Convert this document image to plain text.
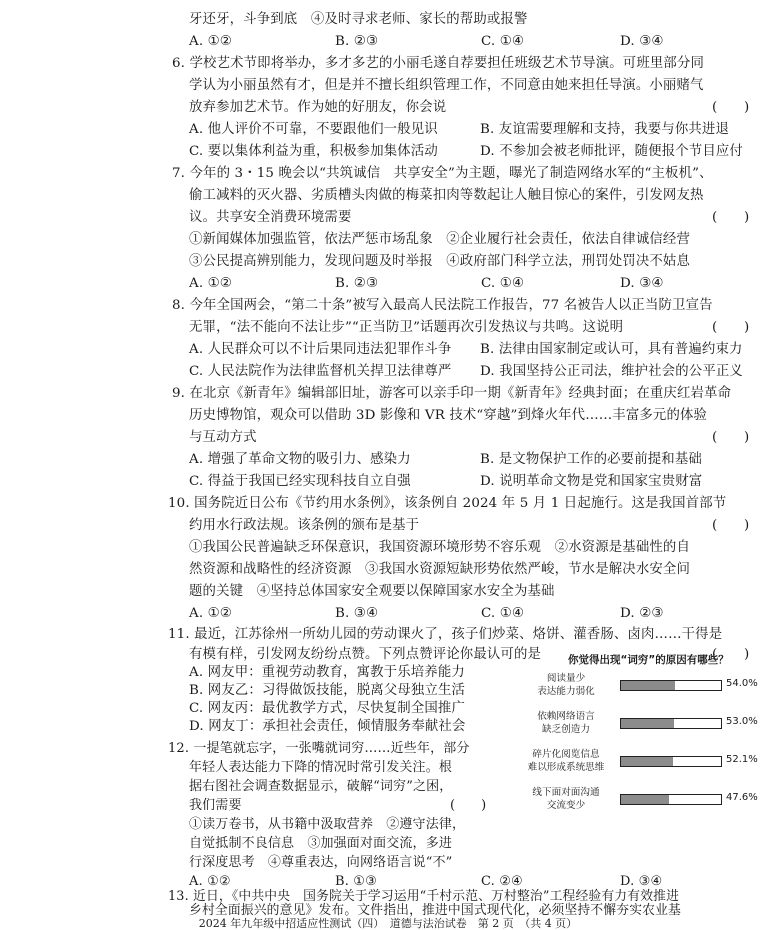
牙还牙，斗争到底　④及时寻求老师、家长的帮助或报警
A. ①②	B. ②③	C. ①④	D. ③④
6. 学校艺术节即将举办，多才多艺的小丽毛遂自荐要担任班级艺术节导演。可班里部分同
学认为小丽虽然有才，但是并不擅长组织管理工作，不同意由她来担任导演。小丽赌气
放弃参加艺术节。作为她的好朋友，你会说	(　　)
A. 他人评价不可靠，不要跟他们一般见识	B. 友谊需要理解和支持，我要与你共进退
C. 要以集体利益为重，积极参加集体活动	D. 不参加会被老师批评，随便报个节目应付
7. 今年的 3・15 晚会以“共筑诚信　共享安全”为主题，曝光了制造网络水军的“主板机”、
偷工减料的灭火器、劣质槽头肉做的梅菜扣肉等数起让人触目惊心的案件，引发网友热
议。共享安全消费环境需要	(　　)
①新闻媒体加强监管，依法严惩市场乱象　②企业履行社会责任，依法自律诚信经营
③公民提高辨别能力，发现问题及时举报　④政府部门科学立法，刑罚处罚决不姑息
A. ①②	B. ②③	C. ①④	D. ③④
8. 今年全国两会，“第二十条”被写入最高人民法院工作报告，77 名被告人以正当防卫宣告
无罪，“法不能向不法让步”“正当防卫”话题再次引发热议与共鸣。这说明	(　　)
A. 人民群众可以不计后果同违法犯罪作斗争 B. 法律由国家制定或认可，具有普遍约束力
C. 人民法院作为法律监督机关捍卫法律尊严 D. 我国坚持公正司法，维护社会的公平正义
9. 在北京《新青年》编辑部旧址，游客可以亲手印一期《新青年》经典封面；在重庆红岩革命
历史博物馆，观众可以借助 3D 影像和 VR 技术“穿越”到烽火年代……丰富多元的体验
与互动方式	(　　)
A. 增强了革命文物的吸引力、感染力	B. 是文物保护工作的必要前提和基础
C. 得益于我国已经实现科技自立自强	D. 说明革命文物是党和国家宝贵财富
10. 国务院近日公布《节约用水条例》，该条例自 2024 年 5 月 1 日起施行。这是我国首部节
约用水行政法规。该条例的颁布是基于	(　　)
①我国公民普遍缺乏环保意识，我国资源环境形势不容乐观　②水资源是基础性的自
然资源和战略性的经济资源　③我国水资源短缺形势依然严峻，节水是解决水安全问
题的关键　④坚持总体国家安全观要以保障国家水安全为基础
A. ①②	B. ③④	C. ①④	D. ②③
11. 最近，江苏徐州一所幼儿园的劳动课火了，孩子们炒菜、烙饼、灌香肠、卤肉……干得是
有模有样，引发网友纷纷点赞。下列点赞评论你最认可的是	(　　)
A. 网友甲：重视劳动教育，寓教于乐培养能力
B. 网友乙：习得做饭技能，脱离父母独立生活
C. 网友丙：最优教学方式，尽快复制全国推广
D. 网友丁：承担社会责任，倾情服务奉献社会
12. 一提笔就忘字，一张嘴就词穷……近些年，部分
年轻人表达能力下降的情况时常引发关注。根
据右图社会调查数据显示，破解“词穷”之困，
我们需要	(　　)
①读万卷书，从书籍中汲取营养　②遵守法律，
自觉抵制不良信息　③加强面对面交流，多进
你觉得出现“词穷”的原因有哪些？
阅读量少
表达能力弱化
54.0%
依赖网络语言
缺乏创造力
53.0%
碎片化阅览信息
难以形成系统思维
52.1%
线下面对面沟通
交流变少
47.6%
2024 年九年级中招适应性测试（四）　道德与法治试卷　第 2 页　（共 4 页）
行深度思考　④尊重表达，向网络语言说“不”
A. ①②	B. ①③	C. ②④	D. ③④
13. 近日，《中共中央　国务院关于学习运用“千村示范、万村整治”工程经验有力有效推进
乡村全面振兴的意见》发布。文件指出，推进中国式现代化，必须坚持不懈夯实农业基
